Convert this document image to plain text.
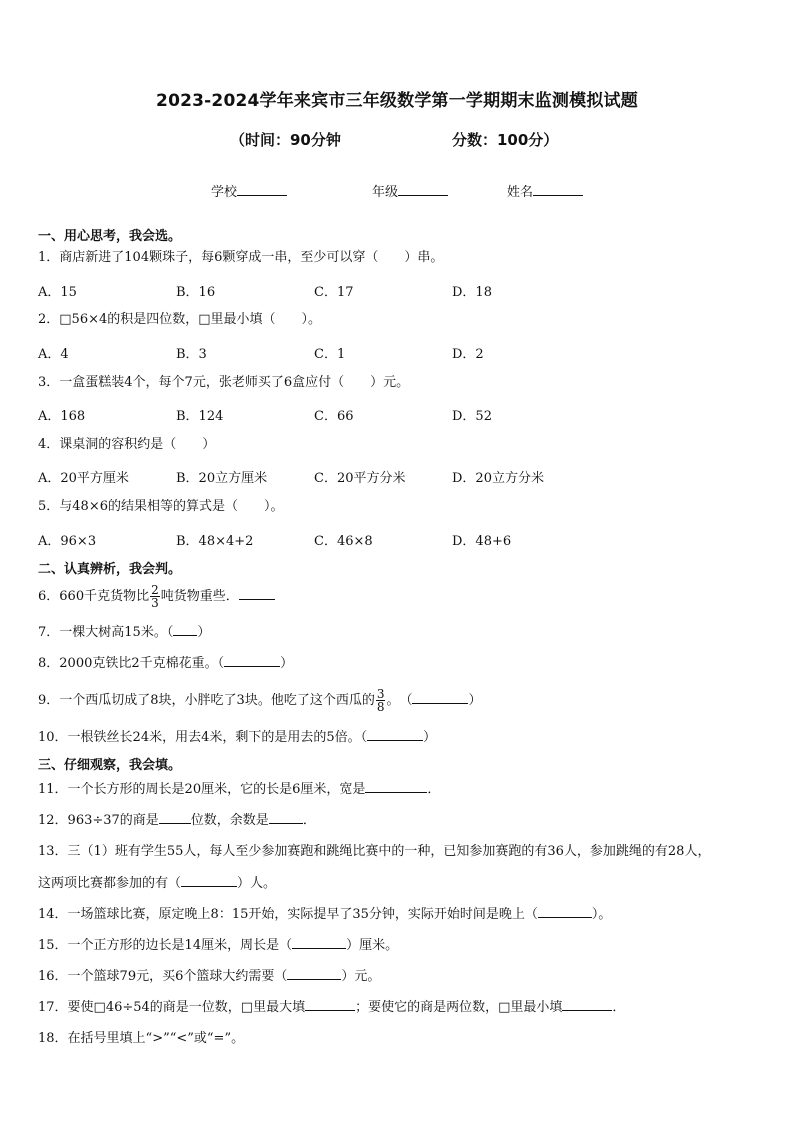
2023-2024学年来宾市三年级数学第一学期期末监测模拟试题
（时间：90分钟	分数：100分）
学校	年级	姓名
一、用心思考，我会选。
1．商店新进了104颗珠子，每6颗穿成一串，至少可以穿（　　）串。
A．15	B．16	C．17	D．18
2．□56×4的积是四位数，□里最小填（　　）。
A．4	B．3	C．1	D．2
3．一盒蛋糕装4个，每个7元，张老师买了6盒应付（　　）元。
A．168	B．124	C．66	D．52
4．课桌洞的容积约是（　　）
A．20平方厘米	B．20立方厘米	C．20平方分米	D．20立方分米
5．与48×6的结果相等的算式是（　　）。
A．96×3	B．48×4+2	C．46×8	D．48+6
二、认真辨析，我会判。
6．660千克货物比 $\frac{2}{3}$ 吨货物重些．
7．一棵大树高15米。（ ）
8．2000克铁比2千克棉花重。（	）
9．一个西瓜切成了8块，小胖吃了3块。他吃了这个西瓜的 $\frac{3}{8}$ 。　（	）
10．一根铁丝长24米，用去4米，剩下的是用去的5倍。（	）
三、仔细观察，我会填。
11．一个长方形的周长是20厘米，它的长是6厘米，宽是	．
12．963÷37的商是 位数，余数是	．
13．三（1）班有学生55人，每人至少参加赛跑和跳绳比赛中的一种，已知参加赛跑的有36人，参加跳绳的有28人，
这两项比赛都参加的有（	）人。
14．一场篮球比赛，原定晚上8：15开始，实际提早了35分钟，实际开始时间是晚上（	）。
15．一个正方形的边长是14厘米，周长是（	）厘米。
16．一个篮球79元，买6个篮球大约需要（	）元。
17．要使□46÷54的商是一位数，□里最大填	；要使它的商是两位数，□里最小填	．
18．在括号里填上“>”“<”或“=”。
